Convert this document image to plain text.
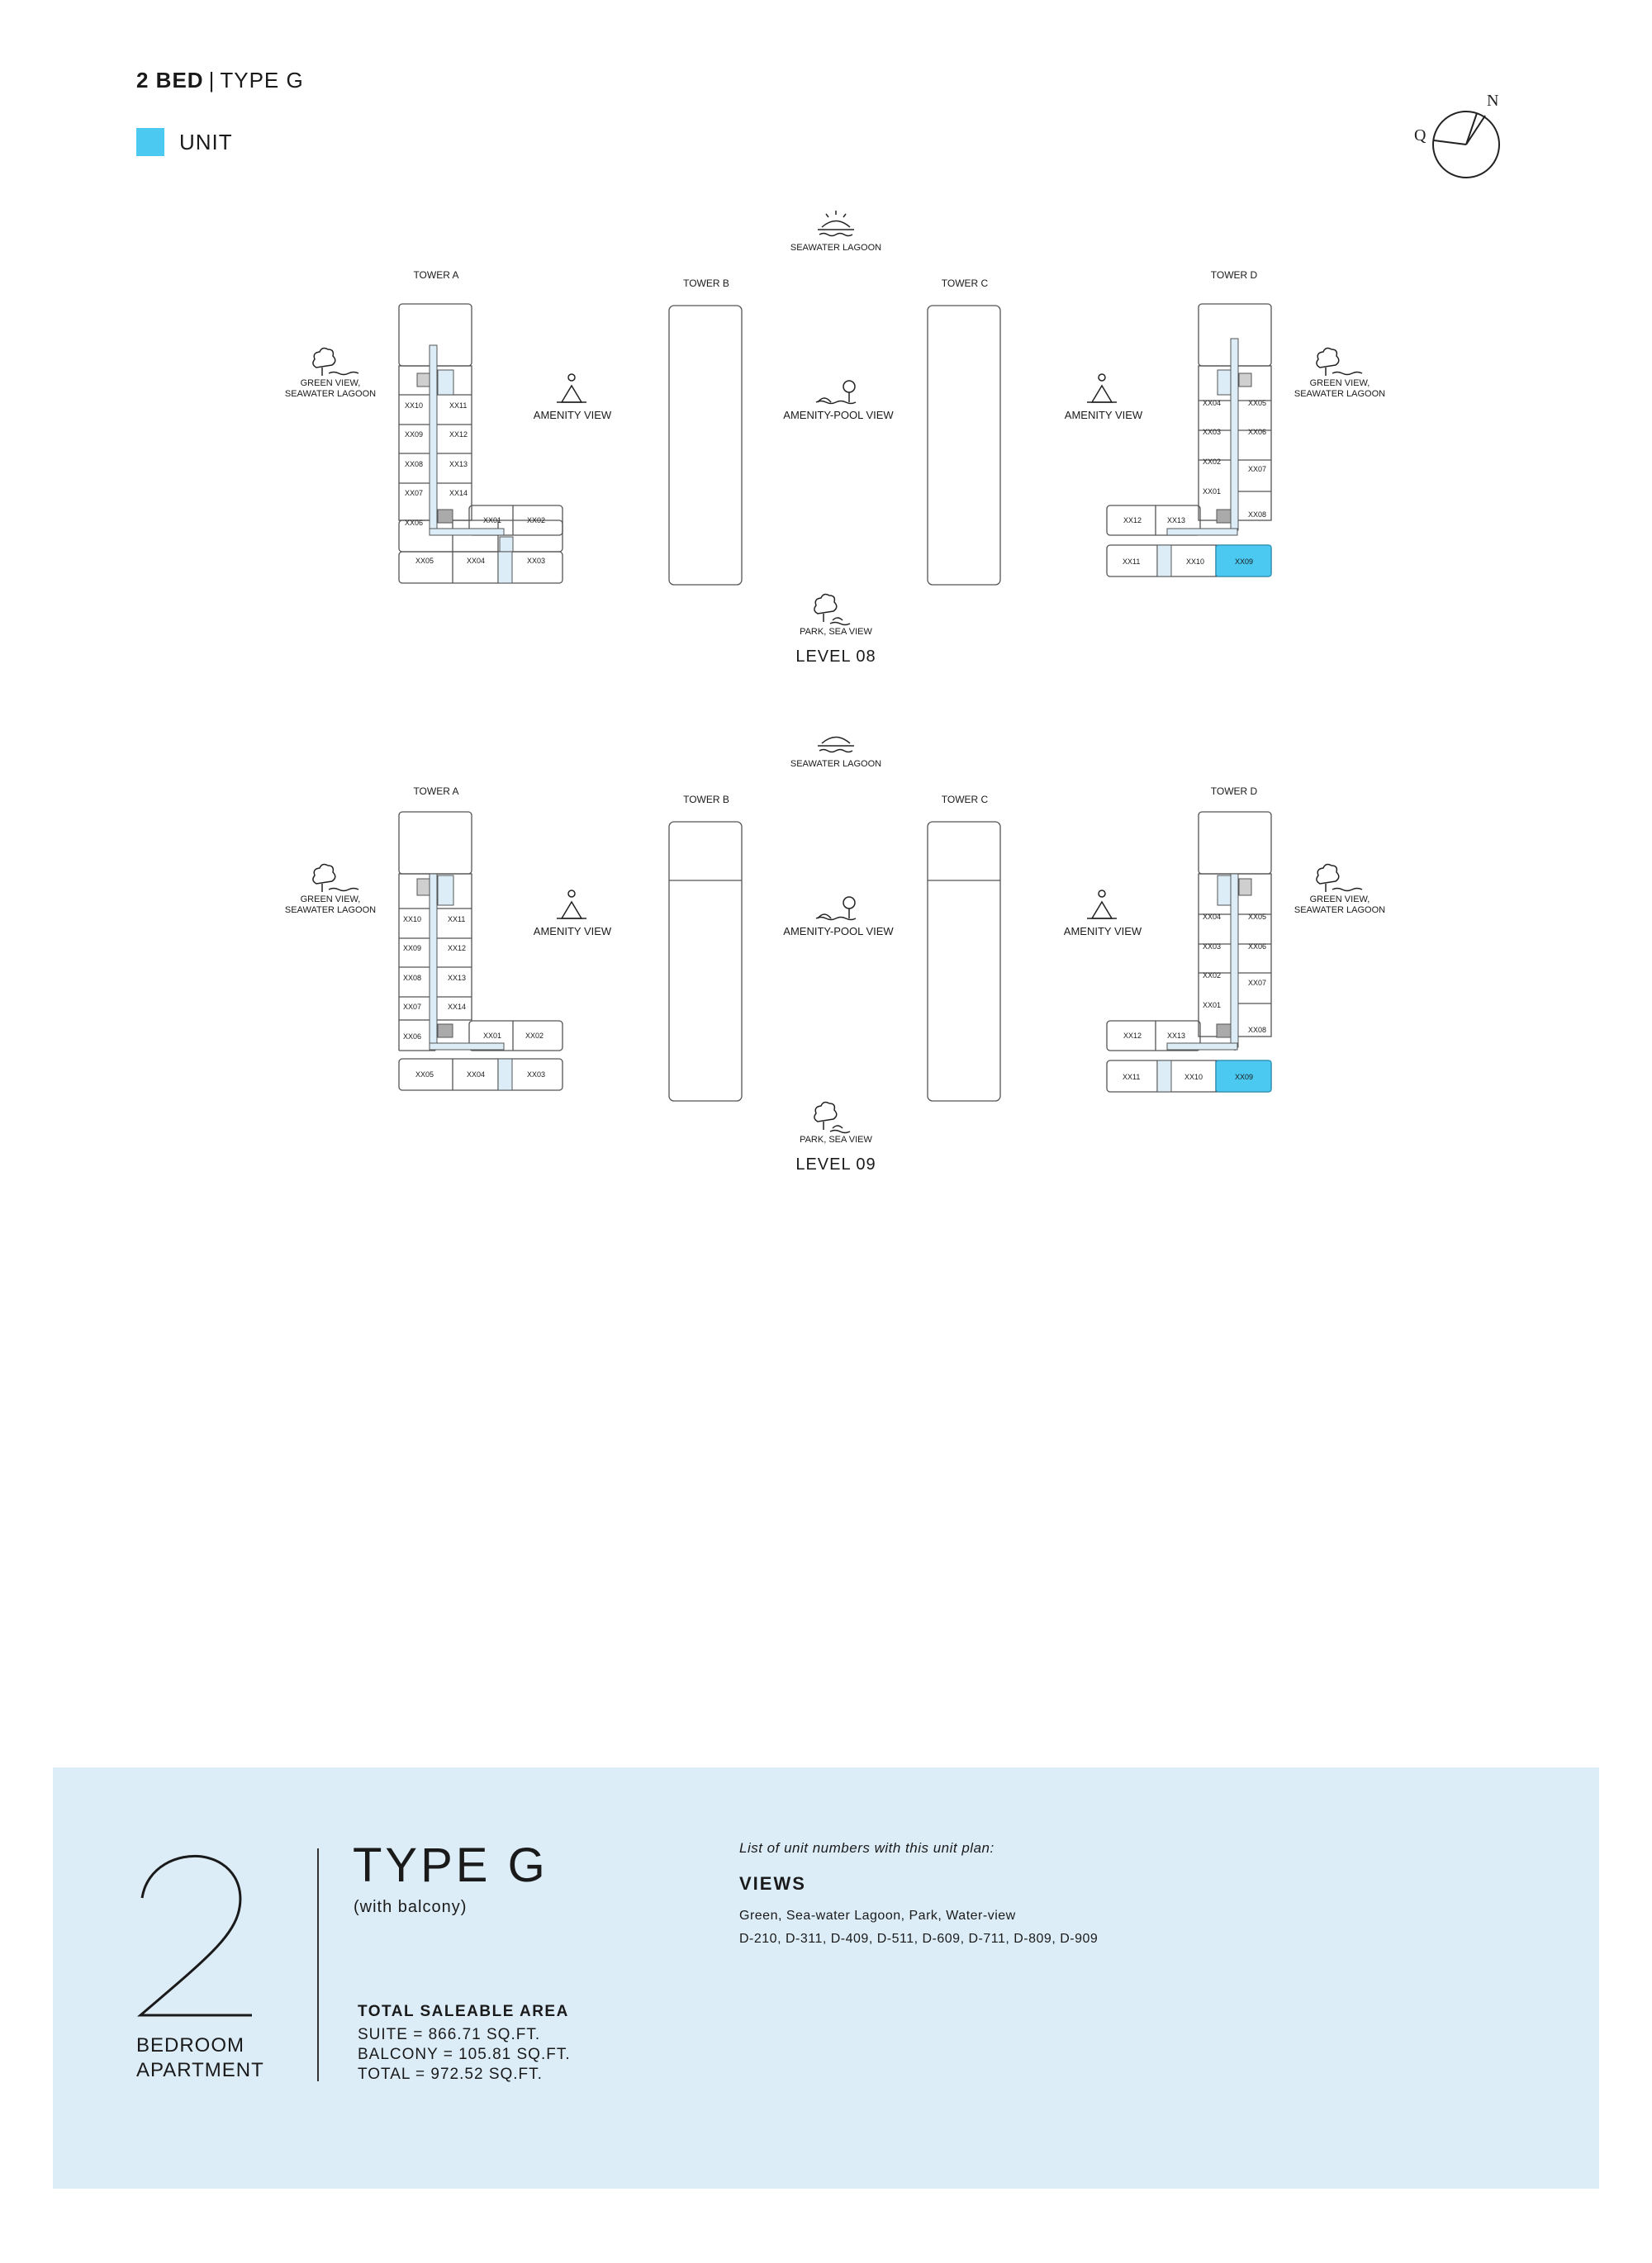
2 BED | TYPE G
UNIT
N
Q
SEAWATER LAGOON
TOWER A
TOWER B	TOWER C
TOWER D
XX10	XX11
XX09	XX12
XX08	XX13
XX07	XX14
XX06	XX01	XX02
XX05	XX04	XX03
XX04	XX05
XX03	XX06
XX02
XX07
XX01
XX08
XX12	XX13
XX11	XX10	XX09
GREEN VIEW,
SEAWATER LAGOON
GREEN VIEW,
SEAWATER LAGOON
AMENITY VIEW	AMENITY-POOL VIEW	AMENITY VIEW
PARK, SEA VIEW
LEVEL 08
SEAWATER LAGOON
TOWER A
TOWER B	TOWER C
TOWER D
XX10	XX11
XX09	XX12
XX08	XX13
XX07	XX14
XX06	XX01	XX02
XX05	XX04	XX03
XX04	XX05
XX03	XX06
XX02
XX07
XX01
XX08
XX12	XX13
XX11	XX10	XX09
GREEN VIEW,
SEAWATER LAGOON
GREEN VIEW,
SEAWATER LAGOON
AMENITY VIEW	AMENITY-POOL VIEW	AMENITY VIEW
PARK, SEA VIEW
LEVEL 09
BEDROOM
APARTMENT
TYPE G
(with balcony)
TOTAL SALEABLE AREA
SUITE = 866.71 SQ.FT.
BALCONY = 105.81 SQ.FT.
TOTAL = 972.52 SQ.FT.
List of unit numbers with this unit plan:
VIEWS
Green, Sea-water Lagoon, Park, Water-view
D-210, D-311, D-409, D-511, D-609, D-711, D-809, D-909
